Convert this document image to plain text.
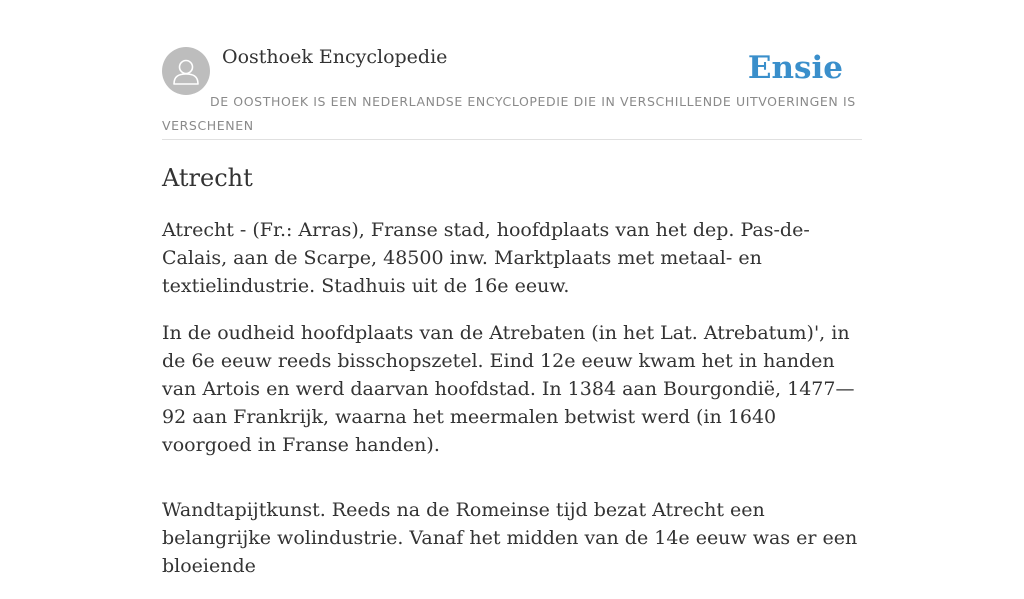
Oosthoek Encyclopedie	Ensie
DE OOSTHOEK IS EEN NEDERLANDSE ENCYCLOPEDIE DIE IN VERSCHILLENDE UITVOERINGEN IS VERSCHENEN
Atrecht

Atrecht - (Fr.: Arras), Franse stad, hoofdplaats van het dep. Pas-de-Calais, aan de Scarpe, 48500 inw. Marktplaats met metaal- en textielindustrie. Stadhuis uit de 16e eeuw.

In de oudheid hoofdplaats van de Atrebaten (in het Lat. Atrebatum)', in de 6e eeuw reeds bisschopszetel. Eind 12e eeuw kwam het in handen van Artois en werd daarvan hoofdstad. In 1384 aan Bourgondië, 1477—92 aan Frankrijk, waarna het meermalen betwist werd (in 1640 voorgoed in Franse handen).

Wandtapijtkunst. Reeds na de Romeinse tijd bezat Atrecht een belangrijke wolindustrie. Vanaf het midden van de 14e eeuw was er een bloeiende
